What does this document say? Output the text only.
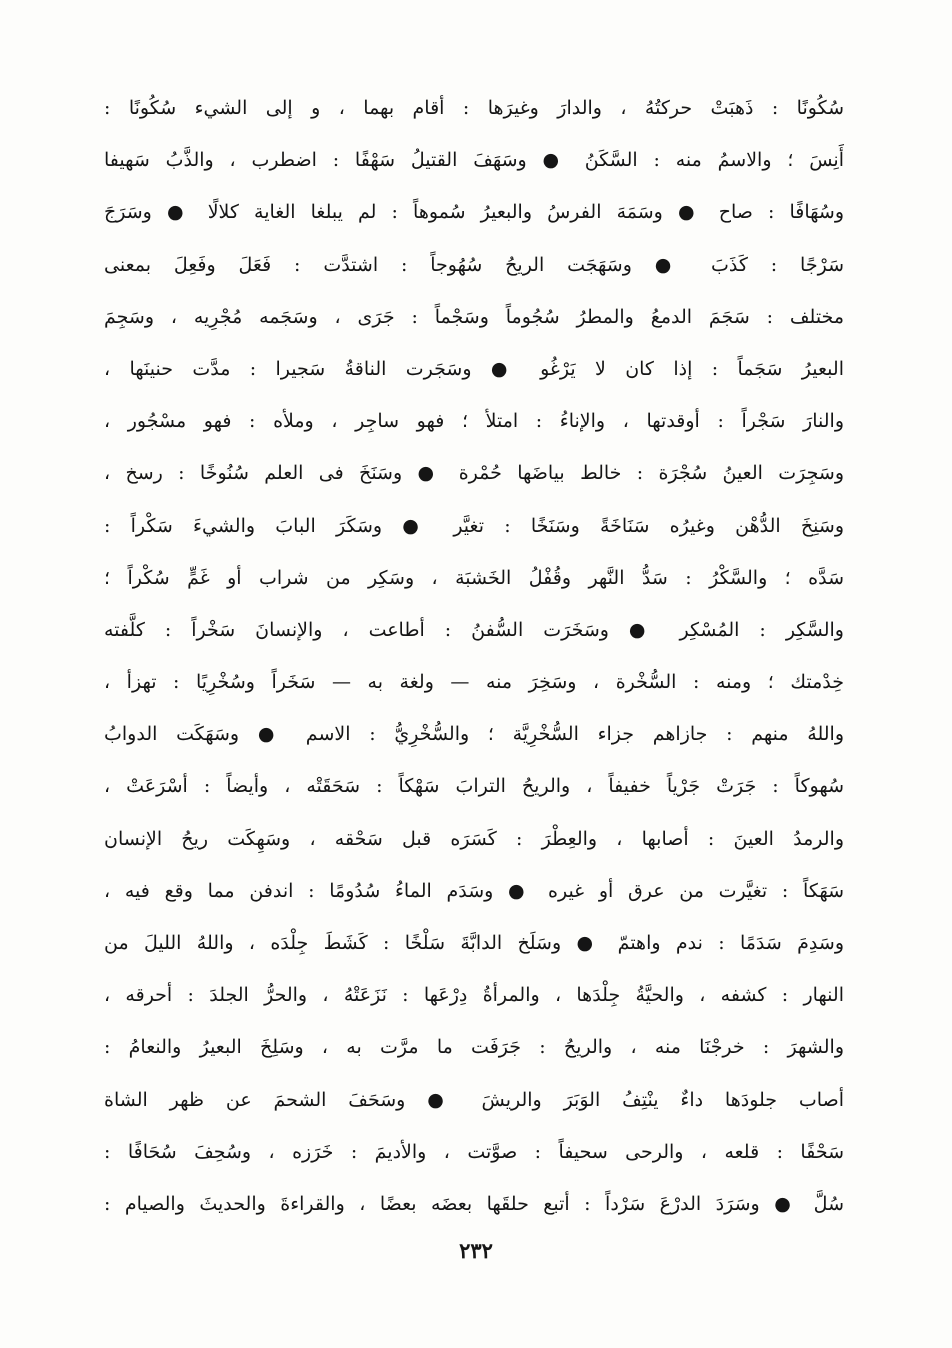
سُكُونًا : ذَهبَتْ حركتُهُ ، والدارَ وغيرَها : أقام بهما ، و إلى الشيء سُكُونًا :
أَنِسَ ؛ والاسمُ منه : السَّكَنُ ● وسَهَفَ القتيلُ سَهْفًا : اضطرب ، والذَّبُ سَهيفا
وسُهَافًا : صاح ● وسَمَهَ الفرسُ والبعيرُ سُموهاً : لم يبلغا الغاية كلالًا ● وسَرَجَ
سَرْجًا : كَذَبَ ● وسَهَجَت الريحُ سُهُوجاً : اشتدَّت : فَعَلَ وفَعِلَ بمعنى
مختلف : سَجَمَ الدمعُ والمطرُ سُجُوماً وسَجْماً : جَرَى ، وسَجَمه مُجْرِيه ، وسَجِمَ
البعيرُ سَجَماً : إذا كان لا يَرْغُو ● وسَجَرت الناقةُ سَجيرا : مدَّت حنينَها ،
والنارَ سَجْراً : أوقدتها ، والإناءُ : امتلأ ؛ فهو ساجِر ، وملأه : فهو مسْجُور ،
وسَجِرَت العينُ سُجْرَة : خالط بياضَها حُمْرة ● وسَنَخَ فى العلم سُنُوخًا : رسخ ،
وسَنِخَ الدُّهْن وغيرُه سَنَاخَةً وسَنَخًا : تغيَّر ● وسَكَرَ البابَ والشيءَ سَكْراً :
سَدَّه ؛ والسَّكْرُ : سَدُّ النَّهر وقُفْلُ الخَشبَة ، وسَكِر من شراب أو غَمٍّ سُكْراً ؛
والسَّكِر : المُسْكِر ● وسَخَرَت السُّفنُ : أطاعت ، والإنسانَ سَخْراً : كلَّفته
خِدْمتك ؛ ومنه : السُّخْرة ، وسَخِرَ منه — ولغة به — سَخَراً وسُخْرِيًا : تهزأ ،
واللهُ منهم : جازاهم جزاء السُّخْرِيَّة ؛ والسُّخْرِيُّ : الاسم ● وسَهَكَت الدوابُ
سُهوكاً : جَرَتْ جَرْياً خفيفاً ، والريحُ الترابَ سَهْكاً : سَحَقَتْه ، وأيضاً : أسْرَعَتْ ،
والرمدُ العينَ : أصابها ، والعِطْرَ : كَسَرَه قبل سَحْقه ، وسَهِكَت ريحُ الإنسان
سَهَكاً : تغيَّرت من عرق أو غيره ● وسَدَم الماءُ سُدُومًا : اندفن مما وقع فيه ،
وسَدِمَ سَدَمًا : ندم واهتمّ ● وسَلَخ الدابَّةَ سَلْخًا : كَشَطَ جِلْدَه ، واللهُ الليلَ من
النهار : كشفه ، والحيَّةُ جِلْدَها ، والمرأةُ دِرْعَها : نَزَعَتْهُ ، والحرُّ الجلدَ : أحرقه ،
والشهرَ : خرجْنَا منه ، والريحُ : جَرَفَت ما مرَّت به ، وسَلِخَ البعيرُ والنعامُ :
أصاب جلودَها داءٌ ينْتِفُ الوَبَرَ والريشَ ● وسَحَفَ الشحمَ عن ظهر الشاة
سَحْفًا : قلعه ، والرحى سحيفاً : صوَّتت ، والأديمَ : خَرَزه ، وسُحِفَ سُحَافًا :
سُلَّ ● وسَرَدَ الدرْعَ سَرْداً : أتبع حلقَها بعضَه بعضًا ، والقراءةَ والحديثَ والصيام :
٢٣٢
